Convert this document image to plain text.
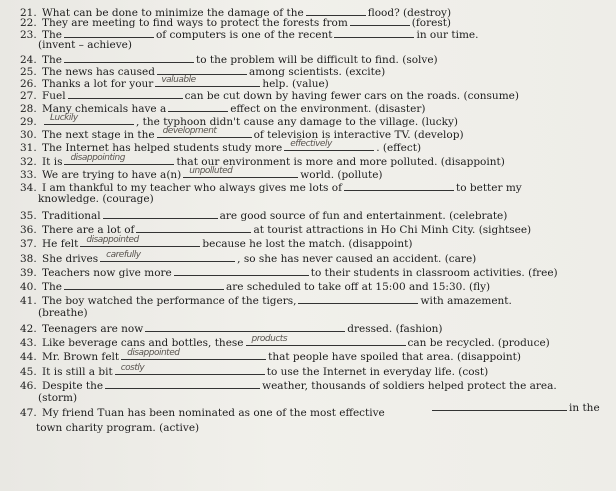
21. What can be done to minimize the damage of the	flood? (destroy)
22. They are meeting to find ways to protect the forests from	(forest)
23. The	of computers is one of the recent	in our time.
(invent – achieve)
24. The	to the problem will be difficult to find. (solve)
25. The news has caused	among scientists. (excite)
26. Thanks a lot for your valuable	help. (value)
27. Fuel	can be cut down by having fewer cars on the roads. (consume)
28. Many chemicals have a	effect on the environment. (disaster)
29. Luckily	, the typhoon didn't cause any damage to the village. (lucky)
30. The next stage in the development	of television is interactive TV. (develop)
31. The Internet has helped students study more effectively	. (effect)
32. It is disappointing	that our environment is more and more polluted. (disappoint)
33. We are trying to have a(n) unpolluted	world. (pollute)
34. I am thankful to my teacher who always gives me lots of	to better my
knowledge. (courage)
35. Traditional	are good source of fun and entertainment. (celebrate)
36. There are a lot of	at tourist attractions in Ho Chi Minh City. (sightsee)
37. He felt disappointed	because he lost the match. (disappoint)
38. She drives carefully	, so she has never caused an accident. (care)
39. Teachers now give more	to their students in classroom activities. (free)
40. The	are scheduled to take off at 15:00 and 15:30. (fly)
41. The boy watched the performance of the tigers,	with amazement.
(breathe)
42. Teenagers are now	dressed. (fashion)
43. Like beverage cans and bottles, these products	can be recycled. (produce)
44. Mr. Brown felt disappointed	that people have spoiled that area. (disappoint)
45. It is still a bit costly	to use the Internet in everyday life. (cost)
46. Despite the	weather, thousands of soldiers helped protect the area.
(storm)
in the
47. My friend Tuan has been nominated as one of the most effective
town charity program. (active)
